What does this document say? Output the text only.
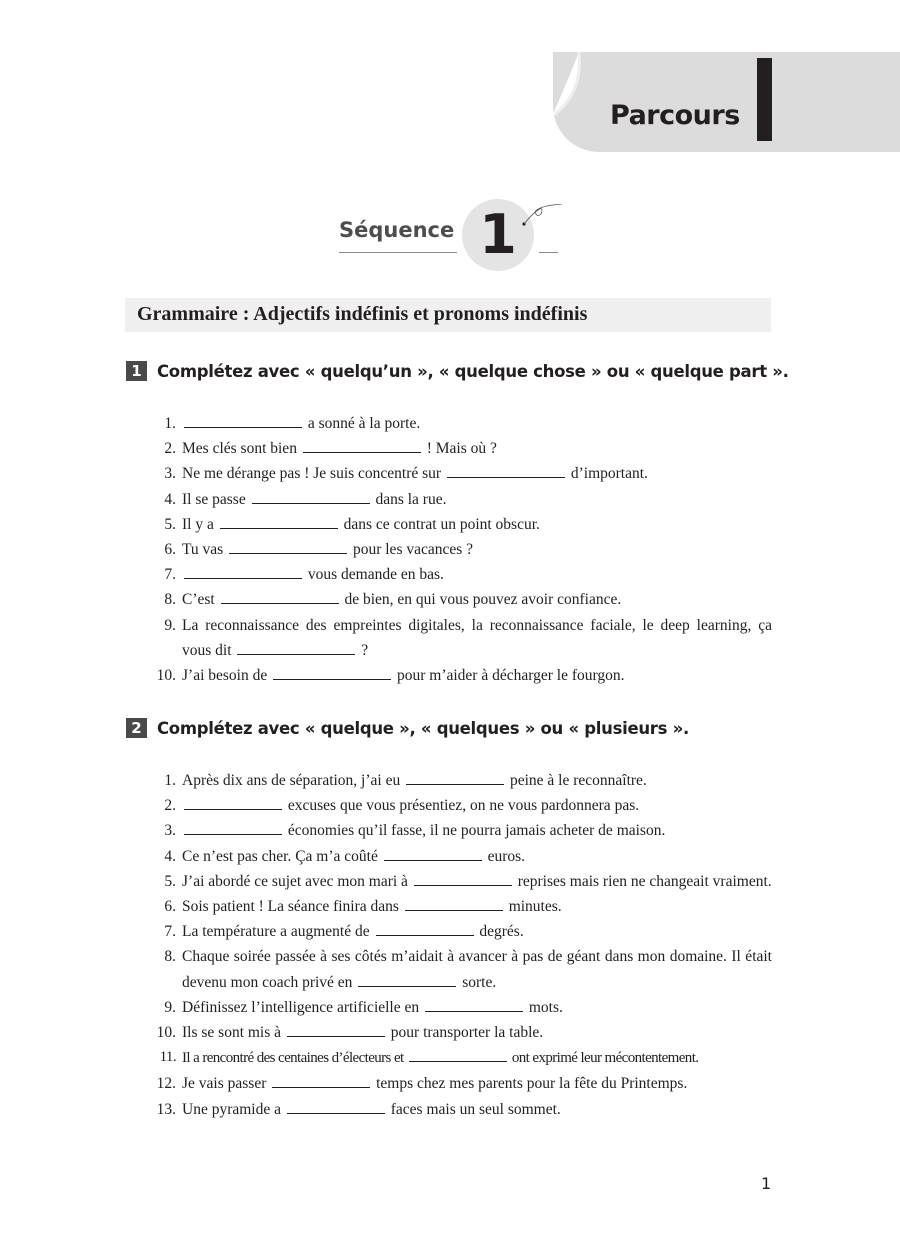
Parcours
Séquence 1
Grammaire : Adjectifs indéfinis et pronoms indéfinis
1 Complétez avec « quelqu’un », « quelque chose » ou « quelque part ».
1.	a sonné à la porte.
2. Mes clés sont bien	! Mais où ?
3. Ne me dérange pas ! Je suis concentré sur	d’important.
4. Il se passe	dans la rue.
5. Il y a	dans ce contrat un point obscur.
6. Tu vas	pour les vacances ?
7.	vous demande en bas.
8. C’est	de bien, en qui vous pouvez avoir confiance.
9. La reconnaissance des empreintes digitales, la reconnaissance faciale, le deep learning, ça vous dit	?
10. J’ai besoin de	pour m’aider à décharger le fourgon.
2 Complétez avec « quelque », « quelques » ou « plusieurs ».
1. Après dix ans de séparation, j’ai eu	peine à le reconnaître.
2.	excuses que vous présentiez, on ne vous pardonnera pas.
3.	économies qu’il fasse, il ne pourra jamais acheter de maison.
4. Ce n’est pas cher. Ça m’a coûté	euros.
5. J’ai abordé ce sujet avec mon mari à	reprises mais rien ne changeait vraiment.
6. Sois patient ! La séance finira dans	minutes.
7. La température a augmenté de	degrés.
8. Chaque soirée passée à ses côtés m’aidait à avancer à pas de géant dans mon domaine. Il était devenu mon coach privé en	sorte.
9. Définissez l’intelligence artificielle en	mots.
10. Ils se sont mis à	pour transporter la table.
11. Il a rencontré des centaines d’électeurs et	ont exprimé leur mécontentement.
12. Je vais passer	temps chez mes parents pour la fête du Printemps.
13. Une pyramide a	faces mais un seul sommet.
1
